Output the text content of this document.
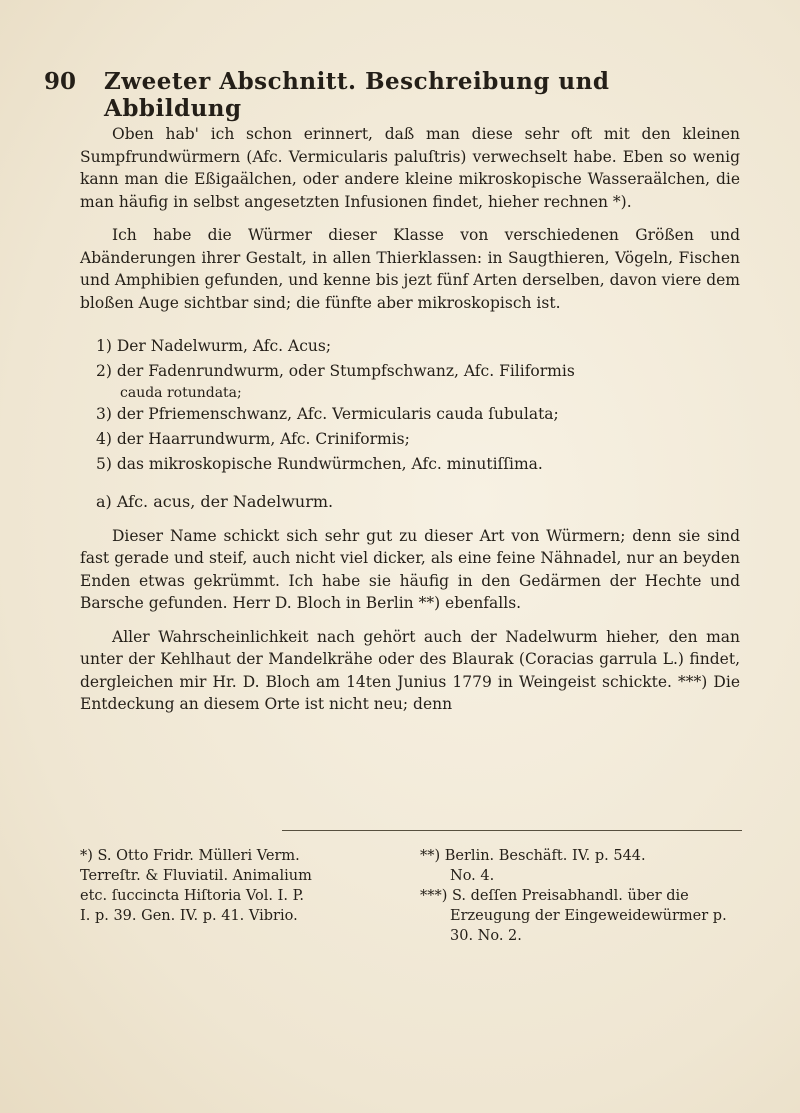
90 Zweeter Abschnitt. Beschreibung und Abbildung

Oben hab' ich schon erinnert, daß man diese sehr oft mit den kleinen Sumpfrundwürmern (Afc. Vermicularis paluſtris) verwechselt habe. Eben so wenig kann man die Eßigaälchen, oder andere kleine mikroskopische Wasseraälchen, die man häufig in selbst angesetzten Infusionen findet, hieher rechnen *).

Ich habe die Würmer dieser Klasse von verschiedenen Größen und Abänderungen ihrer Gestalt, in allen Thierklassen: in Saugthieren, Vögeln, Fischen und Amphibien gefunden, und kenne bis jezt fünf Arten derselben, davon viere dem bloßen Auge sichtbar sind; die fünfte aber mikroskopisch ist.

1) Der Nadelwurm, Afc. Acus;
2) der Fadenrundwurm, oder Stumpfschwanz, Afc. Filiformis
cauda rotundata;
3) der Pfriemenschwanz, Afc. Vermicularis cauda ſubulata;
4) der Haarrundwurm, Afc. Criniformis;
5) das mikroskopische Rundwürmchen, Afc. minutiſſima.
a) Afc. acus, der Nadelwurm.

Dieser Name schickt sich sehr gut zu dieser Art von Würmern; denn sie sind fast gerade und steif, auch nicht viel dicker, als eine feine Nähnadel, nur an beyden Enden etwas gekrümmt. Ich habe sie häufig in den Gedärmen der Hechte und Barsche gefunden. Herr D. Bloch in Berlin **) ebenfalls.

Aller Wahrscheinlichkeit nach gehört auch der Nadelwurm hieher, den man unter der Kehlhaut der Mandelkrähe oder des Blaurak (Coracias garrula L.) findet, dergleichen mir Hr. D. Bloch am 14ten Junius 1779 in Weingeist schickte. ***) Die Entdeckung an diesem Orte ist nicht neu; denn

*) S. Otto Fridr. Mülleri Verm.

Terreſtr. & Fluviatil. Animalium

etc. ſuccincta Hiſtoria Vol. I. P.

I. p. 39. Gen. IV. p. 41. Vibrio.

**) Berlin. Beschäft. IV. p. 544.

No. 4.

***) S. deſſen Preisabhandl. über die

Erzeugung der Eingeweidewürmer p.

30. No. 2.
